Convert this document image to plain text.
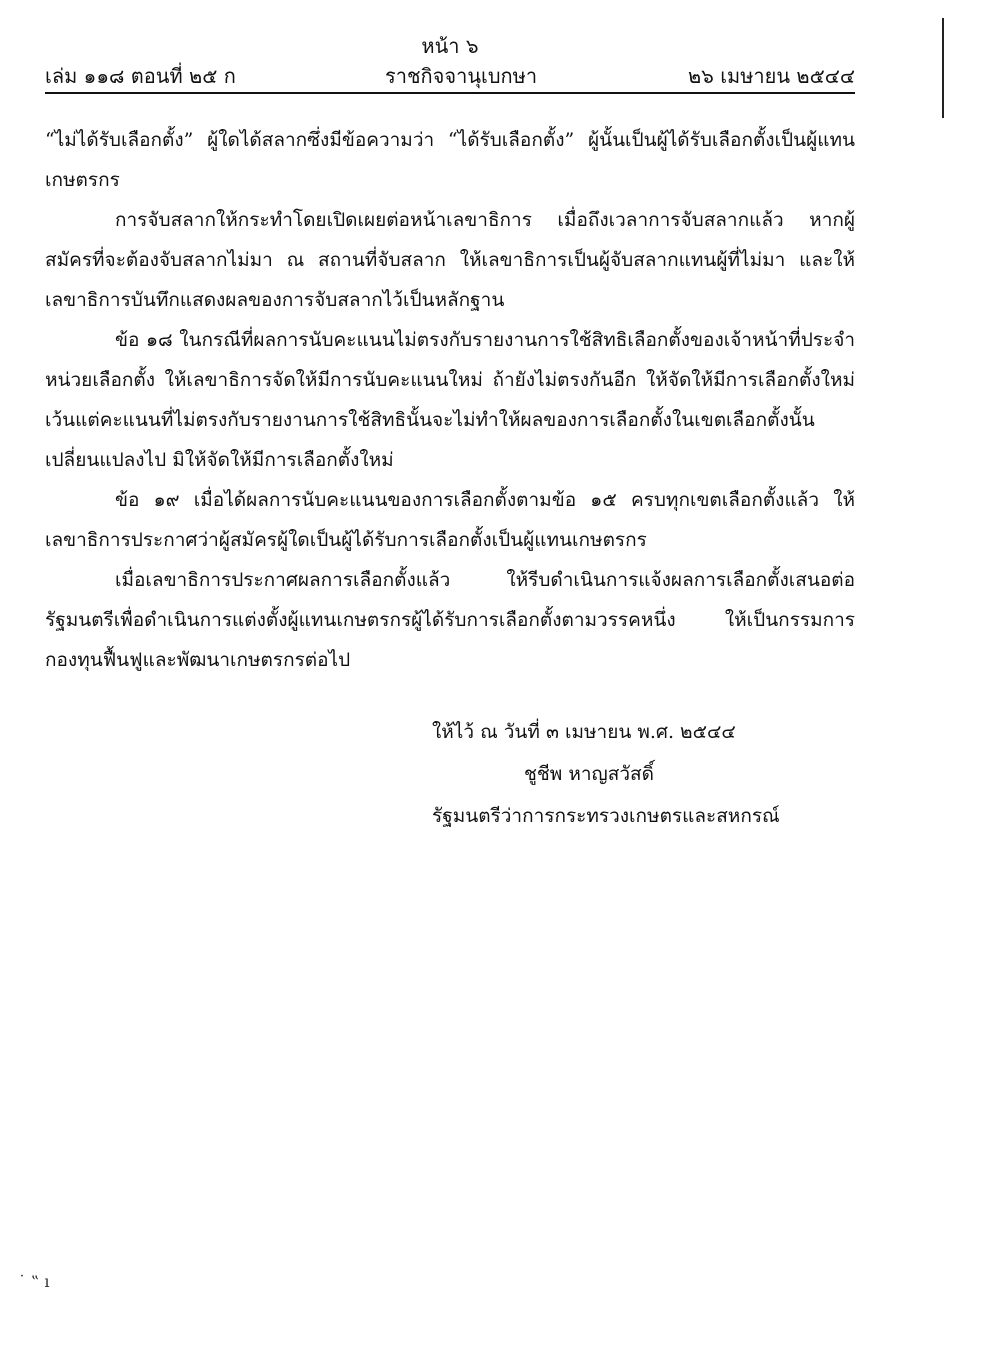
หน้า ๖
เล่ม ๑๑๘ ตอนที่ ๒๕ ก	ราชกิจจานุเบกษา	๒๖ เมษายน ๒๕๔๔

“ไม่ได้รับเลือกตั้ง” ผู้ใดได้สลากซึ่งมีข้อความว่า “ได้รับเลือกตั้ง” ผู้นั้นเป็นผู้ได้รับเลือกตั้งเป็นผู้แทนเกษตรกร

การจับสลากให้กระทำโดยเปิดเผยต่อหน้าเลขาธิการ เมื่อถึงเวลาการจับสลากแล้ว หากผู้สมัครที่จะต้องจับสลากไม่มา ณ สถานที่จับสลาก ให้เลขาธิการเป็นผู้จับสลากแทนผู้ที่ไม่มา และให้เลขาธิการบันทึกแสดงผลของการจับสลากไว้เป็นหลักฐาน

ข้อ ๑๘ ในกรณีที่ผลการนับคะแนนไม่ตรงกับรายงานการใช้สิทธิเลือกตั้งของเจ้าหน้าที่ประจำหน่วยเลือกตั้ง ให้เลขาธิการจัดให้มีการนับคะแนนใหม่ ถ้ายังไม่ตรงกันอีก ให้จัดให้มีการเลือกตั้งใหม่ เว้นแต่คะแนนที่ไม่ตรงกับรายงานการใช้สิทธินั้นจะไม่ทำให้ผลของการเลือกตั้งในเขตเลือกตั้งนั้นเปลี่ยนแปลงไป มิให้จัดให้มีการเลือกตั้งใหม่

ข้อ ๑๙ เมื่อได้ผลการนับคะแนนของการเลือกตั้งตามข้อ ๑๕ ครบทุกเขตเลือกตั้งแล้ว ให้เลขาธิการประกาศว่าผู้สมัครผู้ใดเป็นผู้ได้รับการเลือกตั้งเป็นผู้แทนเกษตรกร

เมื่อเลขาธิการประกาศผลการเลือกตั้งแล้ว ให้รีบดำเนินการแจ้งผลการเลือกตั้งเสนอต่อรัฐมนตรีเพื่อดำเนินการแต่งตั้งผู้แทนเกษตรกรผู้ได้รับการเลือกตั้งตามวรรคหนึ่ง ให้เป็นกรรมการกองทุนฟื้นฟูและพัฒนาเกษตรกรต่อไป

ให้ไว้ ณ วันที่ ๓ เมษายน พ.ศ. ๒๕๔๔
ชูชีพ หาญสวัสดิ์
รัฐมนตรีว่าการกระทรวงเกษตรและสหกรณ์
˙ ‟ ı
